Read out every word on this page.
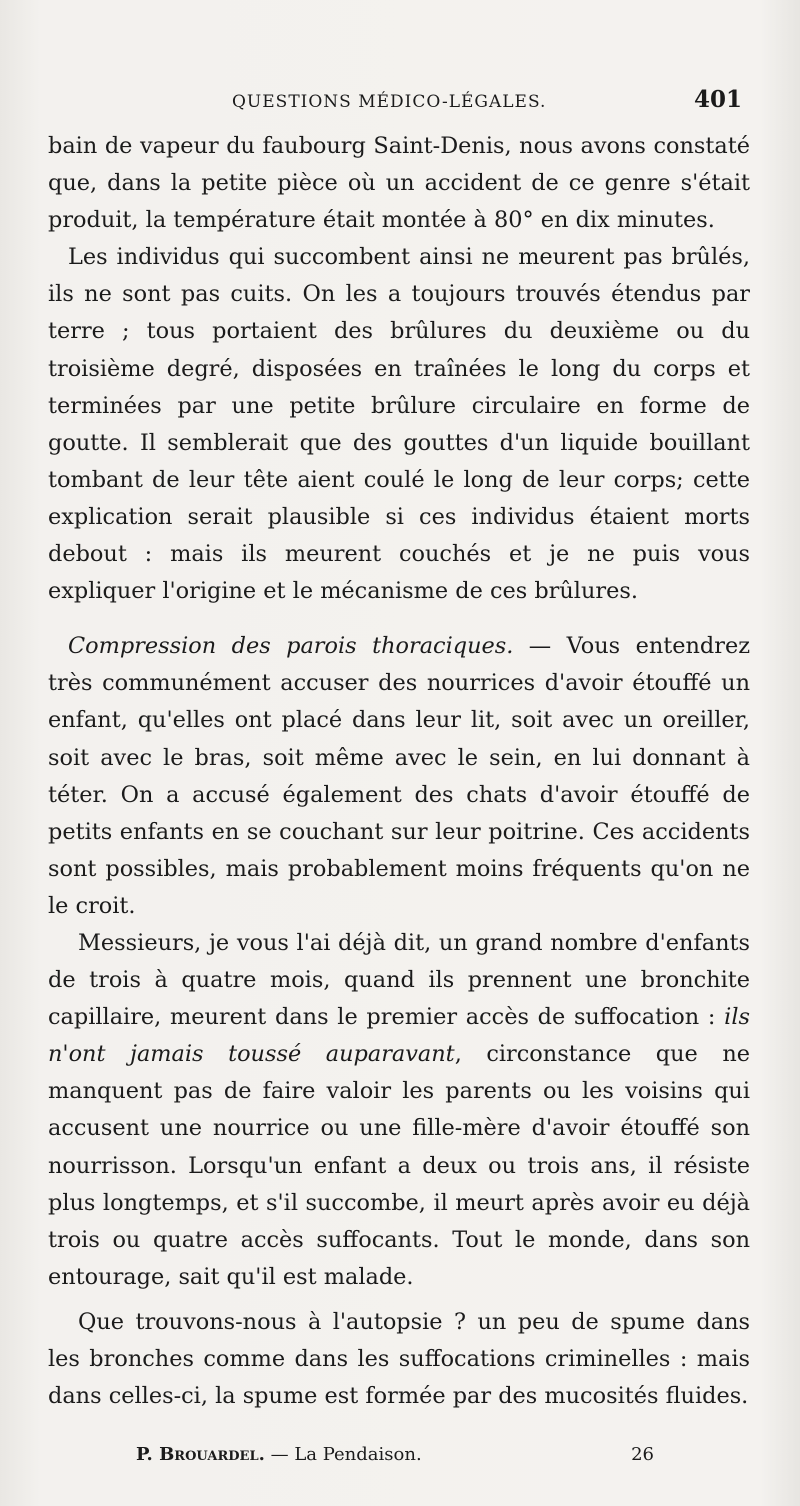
QUESTIONS MÉDICO-LÉGALES.	401

bain de vapeur du faubourg Saint-Denis, nous avons constaté que, dans la petite pièce où un accident de ce genre s'était produit, la température était montée à 80° en dix minutes.

Les individus qui succombent ainsi ne meurent pas brûlés, ils ne sont pas cuits. On les a toujours trouvés étendus par terre ; tous portaient des brûlures du deuxième ou du troisième degré, disposées en traînées le long du corps et terminées par une petite brûlure circulaire en forme de goutte. Il semblerait que des gouttes d'un liquide bouillant tombant de leur tête aient coulé le long de leur corps; cette explication serait plausible si ces individus étaient morts debout : mais ils meurent couchés et je ne puis vous expliquer l'origine et le mécanisme de ces brûlures.

Compression des parois thoraciques. — Vous entendrez très communément accuser des nourrices d'avoir étouffé un enfant, qu'elles ont placé dans leur lit, soit avec un oreiller, soit avec le bras, soit même avec le sein, en lui donnant à téter. On a accusé également des chats d'avoir étouffé de petits enfants en se couchant sur leur poitrine. Ces accidents sont possibles, mais probablement moins fréquents qu'on ne le croit.

Messieurs, je vous l'ai déjà dit, un grand nombre d'enfants de trois à quatre mois, quand ils prennent une bronchite capillaire, meurent dans le premier accès de suffocation : ils n'ont jamais toussé auparavant, circonstance que ne manquent pas de faire valoir les parents ou les voisins qui accusent une nourrice ou une fille-mère d'avoir étouffé son nourrisson. Lorsqu'un enfant a deux ou trois ans, il résiste plus longtemps, et s'il succombe, il meurt après avoir eu déjà trois ou quatre accès suffocants. Tout le monde, dans son entourage, sait qu'il est malade.

Que trouvons-nous à l'autopsie ? un peu de spume dans les bronches comme dans les suffocations criminelles : mais dans celles-ci, la spume est formée par des mucosités fluides.

P. Brouardel. — La Pendaison.	26
